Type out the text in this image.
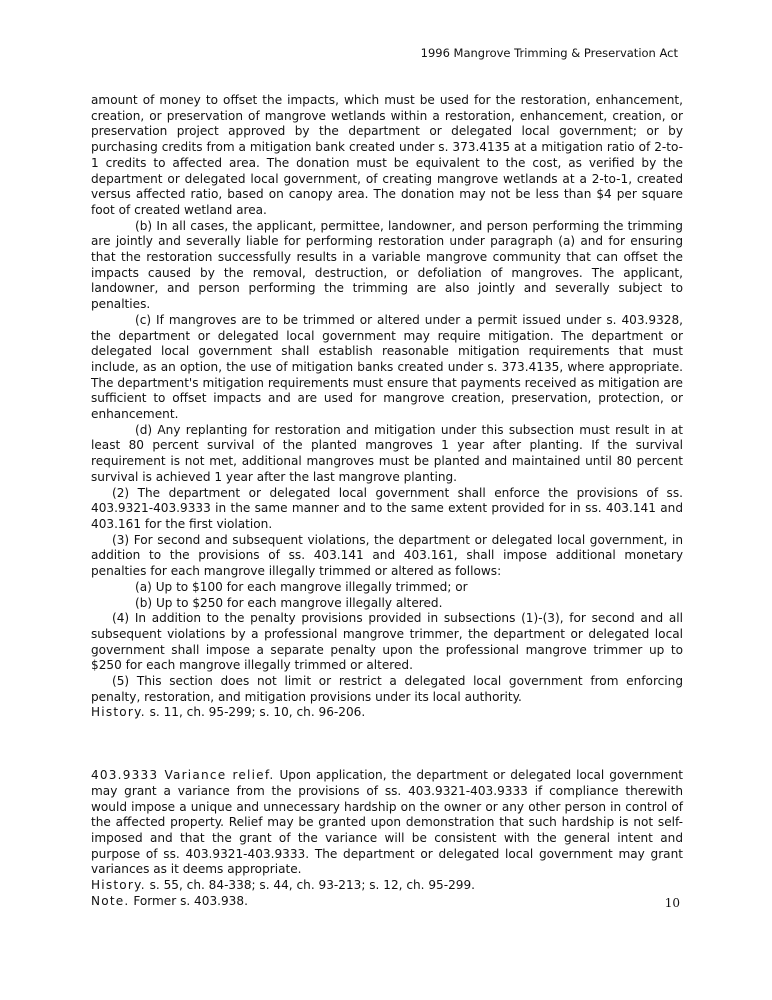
1996 Mangrove Trimming & Preservation Act

amount of money to offset the impacts, which must be used for the restoration, enhancement, creation, or preservation of mangrove wetlands within a restoration, enhancement, creation, or preservation project approved by the department or delegated local government; or by purchasing credits from a mitigation bank created under s. 373.4135 at a mitigation ratio of 2-to-1 credits to affected area. The donation must be equivalent to the cost, as verified by the department or delegated local government, of creating mangrove wetlands at a 2-to-1, created versus affected ratio, based on canopy area. The donation may not be less than $4 per square foot of created wetland area.

(b) In all cases, the applicant, permittee, landowner, and person performing the trimming are jointly and severally liable for performing restoration under paragraph (a) and for ensuring that the restoration successfully results in a variable mangrove community that can offset the impacts caused by the removal, destruction, or defoliation of mangroves. The applicant, landowner, and person performing the trimming are also jointly and severally subject to penalties.

(c) If mangroves are to be trimmed or altered under a permit issued under s. 403.9328, the department or delegated local government may require mitigation. The department or delegated local government shall establish reasonable mitigation requirements that must include, as an option, the use of mitigation banks created under s. 373.4135, where appropriate. The department's mitigation requirements must ensure that payments received as mitigation are sufficient to offset impacts and are used for mangrove creation, preservation, protection, or enhancement.

(d) Any replanting for restoration and mitigation under this subsection must result in at least 80 percent survival of the planted mangroves 1 year after planting. If the survival requirement is not met, additional mangroves must be planted and maintained until 80 percent survival is achieved 1 year after the last mangrove planting.

(2) The department or delegated local government shall enforce the provisions of ss. 403.9321-403.9333 in the same manner and to the same extent provided for in ss. 403.141 and 403.161 for the first violation.

(3) For second and subsequent violations, the department or delegated local government, in addition to the provisions of ss. 403.141 and 403.161, shall impose additional monetary penalties for each mangrove illegally trimmed or altered as follows:

(a) Up to $100 for each mangrove illegally trimmed; or

(b) Up to $250 for each mangrove illegally altered.

(4) In addition to the penalty provisions provided in subsections (1)-(3), for second and all subsequent violations by a professional mangrove trimmer, the department or delegated local government shall impose a separate penalty upon the professional mangrove trimmer up to $250 for each mangrove illegally trimmed or altered.

(5) This section does not limit or restrict a delegated local government from enforcing penalty, restoration, and mitigation provisions under its local authority.

History. s. 11, ch. 95-299; s. 10, ch. 96-206.

403.9333 Variance relief. Upon application, the department or delegated local government may grant a variance from the provisions of ss. 403.9321-403.9333 if compliance therewith would impose a unique and unnecessary hardship on the owner or any other person in control of the affected property. Relief may be granted upon demonstration that such hardship is not self-imposed and that the grant of the variance will be consistent with the general intent and purpose of ss. 403.9321-403.9333. The department or delegated local government may grant variances as it deems appropriate.

History. s. 55, ch. 84-338; s. 44, ch. 93-213; s. 12, ch. 95-299.

Note. Former s. 403.938.	10
